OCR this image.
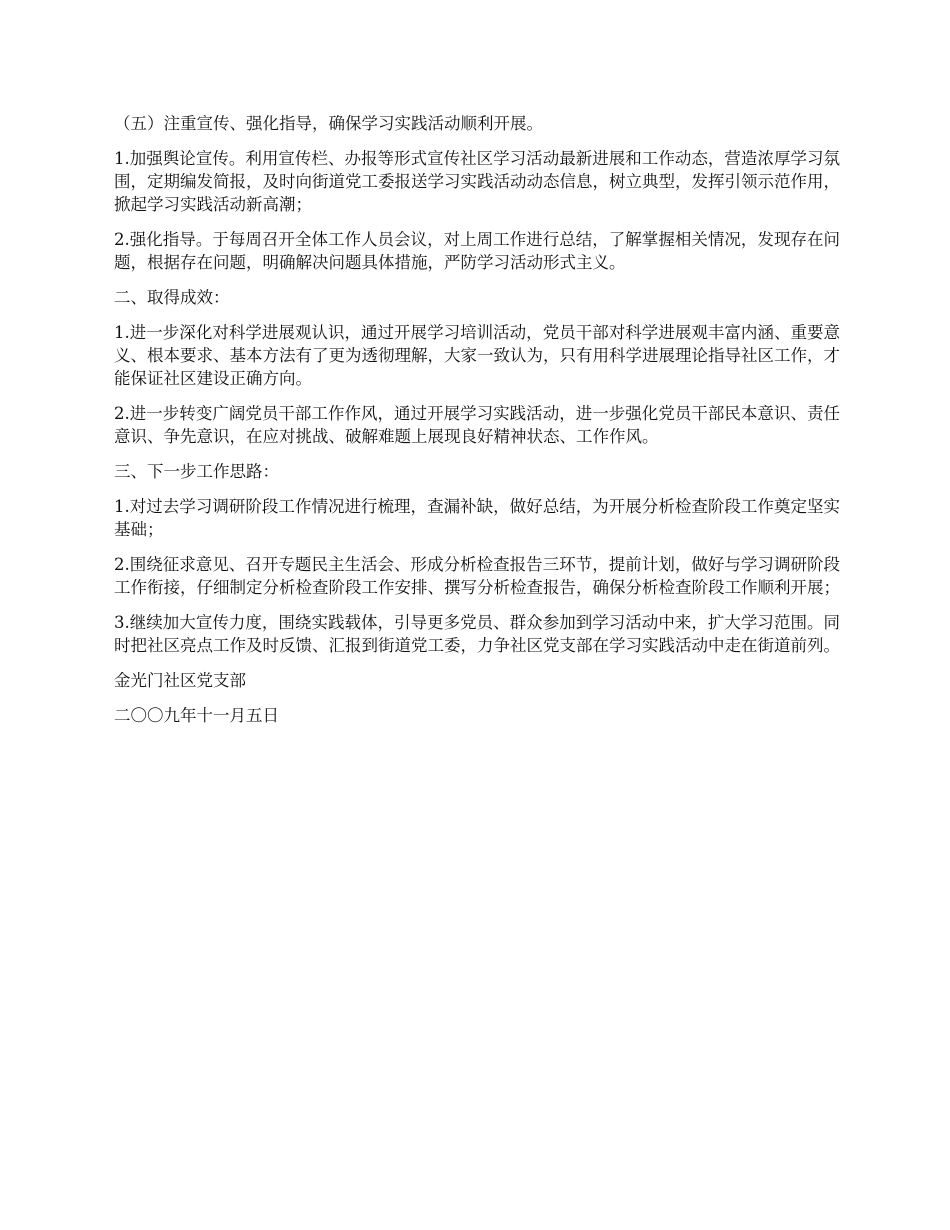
（五）注重宣传、强化指导，确保学习实践活动顺利开展。

1.加强舆论宣传。利用宣传栏、办报等形式宣传社区学习活动最新进展和工作动态，营造浓厚学习氛围，定期编发简报，及时向街道党工委报送学习实践活动动态信息，树立典型，发挥引领示范作用，掀起学习实践活动新高潮；

2.强化指导。于每周召开全体工作人员会议，对上周工作进行总结，了解掌握相关情况，发现存在问题，根据存在问题，明确解决问题具体措施，严防学习活动形式主义。

二、取得成效：

1.进一步深化对科学进展观认识，通过开展学习培训活动，党员干部对科学进展观丰富内涵、重要意义、根本要求、基本方法有了更为透彻理解，大家一致认为，只有用科学进展理论指导社区工作，才能保证社区建设正确方向。

2.进一步转变广阔党员干部工作作风，通过开展学习实践活动，进一步强化党员干部民本意识、责任意识、争先意识，在应对挑战、破解难题上展现良好精神状态、工作作风。

三、下一步工作思路：

1.对过去学习调研阶段工作情况进行梳理，查漏补缺，做好总结，为开展分析检查阶段工作奠定坚实基础；

2.围绕征求意见、召开专题民主生活会、形成分析检查报告三环节，提前计划，做好与学习调研阶段工作衔接，仔细制定分析检查阶段工作安排、撰写分析检查报告，确保分析检查阶段工作顺利开展；

3.继续加大宣传力度，围绕实践载体，引导更多党员、群众参加到学习活动中来，扩大学习范围。同时把社区亮点工作及时反馈、汇报到街道党工委，力争社区党支部在学习实践活动中走在街道前列。

金光门社区党支部

二〇〇九年十一月五日
